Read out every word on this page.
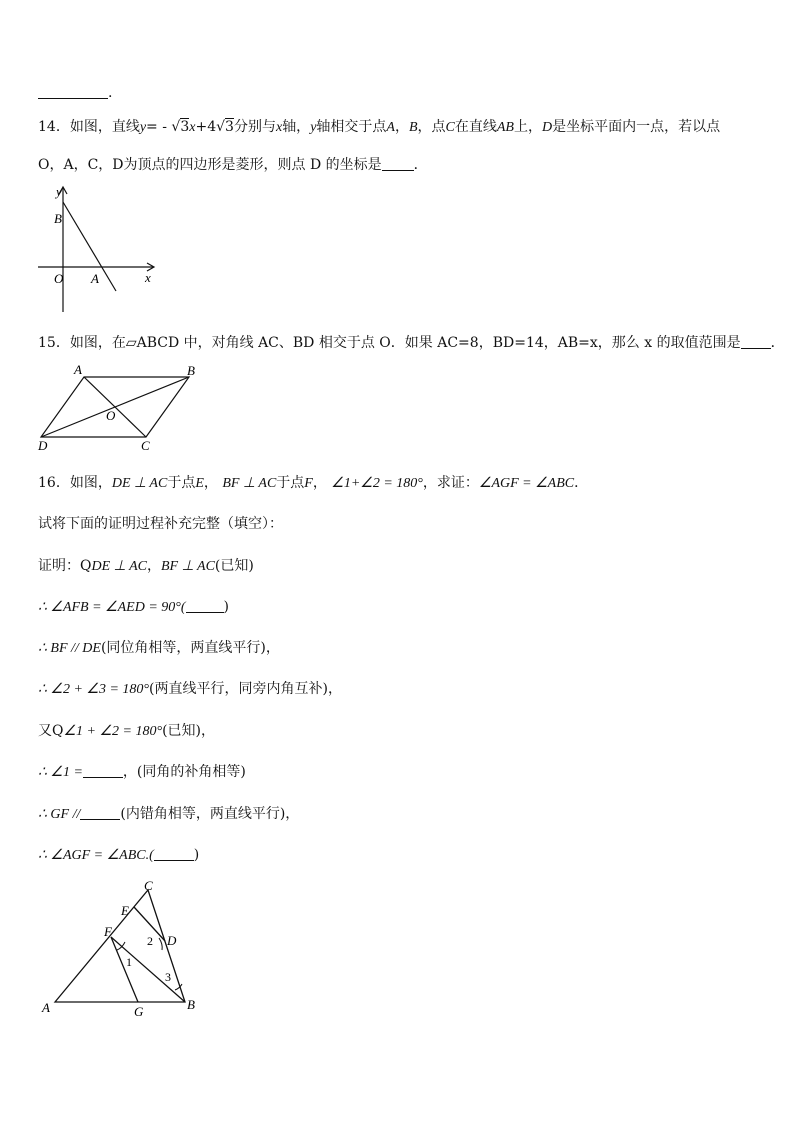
.
14．如图，直线y= - √3x+4√3分别与x轴，y轴相交于点A，B，点C在直线AB上，D是坐标平面内一点，若以点
O，A，C，D为顶点的四边形是菱形，则点 D 的坐标是 ．
y
x
B
O A
15．如图，在▱ABCD 中，对角线 AC、BD 相交于点 O．如果 AC=8，BD=14，AB=x，那么 x 的取值范围是 ．
A	B
O
D	C
16．如图，DE ⊥ AC于点E， BF ⊥ AC于点F， ∠1+∠2 = 180°，求证：∠AGF = ∠ABC．
试将下面的证明过程补充完整（填空）：
证明：QDE ⊥ AC，BF ⊥ AC(已知)
∴ ∠AFB = ∠AED = 90°(	)
∴ BF // DE(同位角相等，两直线平行)，
∴ ∠2 + ∠3 = 180°(两直线平行，同旁内角互补)，
又Q∠1 + ∠2 = 180°(已知)，
∴ ∠1 =	，(同角的补角相等)
∴ GF //	(内错角相等，两直线平行)，
∴ ∠AGF = ∠ABC.(	)
C
E
F
D
2
1
3
A	G	B
